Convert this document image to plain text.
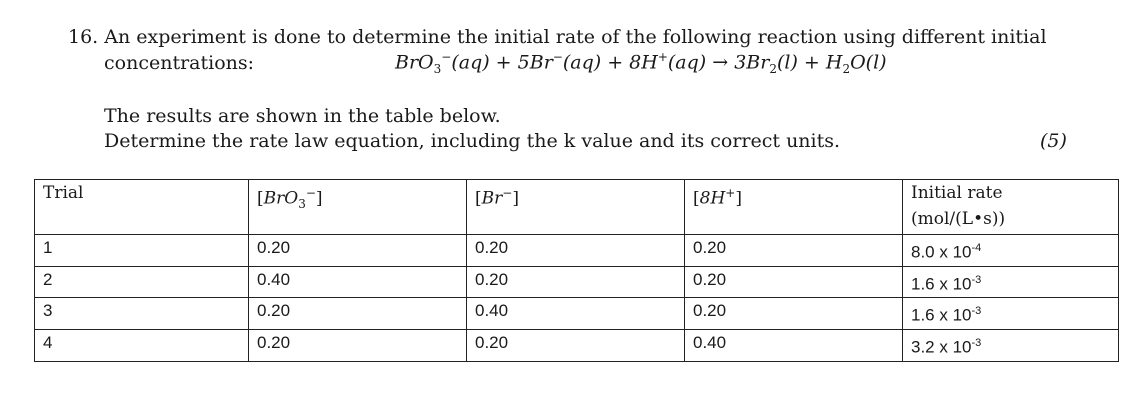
16. An experiment is done to determine the initial rate of the following reaction using different initial
concentrations:	$BrO_3^-(aq) + 5Br^-(aq) + 8H^+(aq) \to 3Br_2(l) + H_2O(l)$
The results are shown in the table below.
Determine the rate law equation, including the k value and its correct units.	(5)
Trial	[BrO$_3$−]	[Br−]	[8H+]	Initial rate
(mol/(L•s))

1	0.20	0.20	0.20	8.0 x $10^{-4}$
2	0.40	0.20	0.20	1.6 x $10^{-3}$
3	0.20	0.40	0.20	1.6 x $10^{-3}$
4	0.20	0.20	0.40	3.2 x $10^{-3}$
